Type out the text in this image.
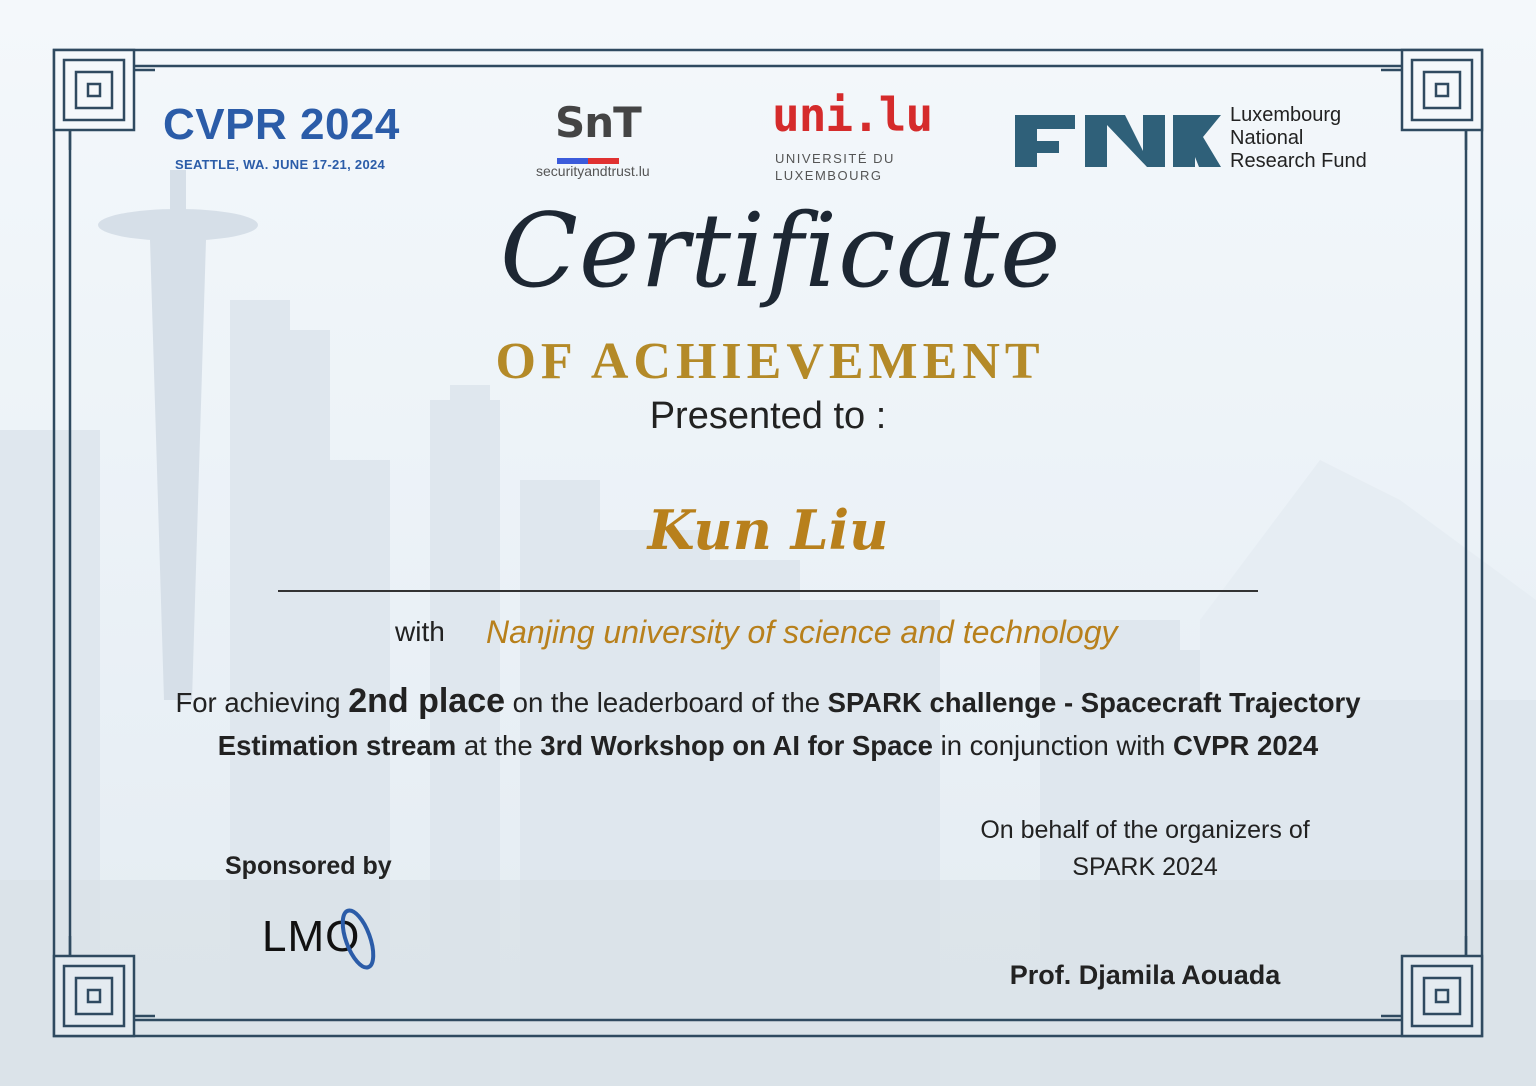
CVPR 2024
SEATTLE, WA. JUNE 17-21, 2024
SnT
securityandtrust.lu
uni.lu
UNIVERSITÉ DU
LUXEMBOURG
Luxembourg
National
Research Fund
Certificate
OF ACHIEVEMENT
Presented to :
Kun Liu
with Nanjing university of science and technology
For achieving 2nd place on the leaderboard of the SPARK challenge - Spacecraft Trajectory Estimation stream at the 3rd Workshop on AI for Space in conjunction with CVPR 2024
On behalf of the organizers of
SPARK 2024
Prof. Djamila Aouada
Sponsored by
LMO
